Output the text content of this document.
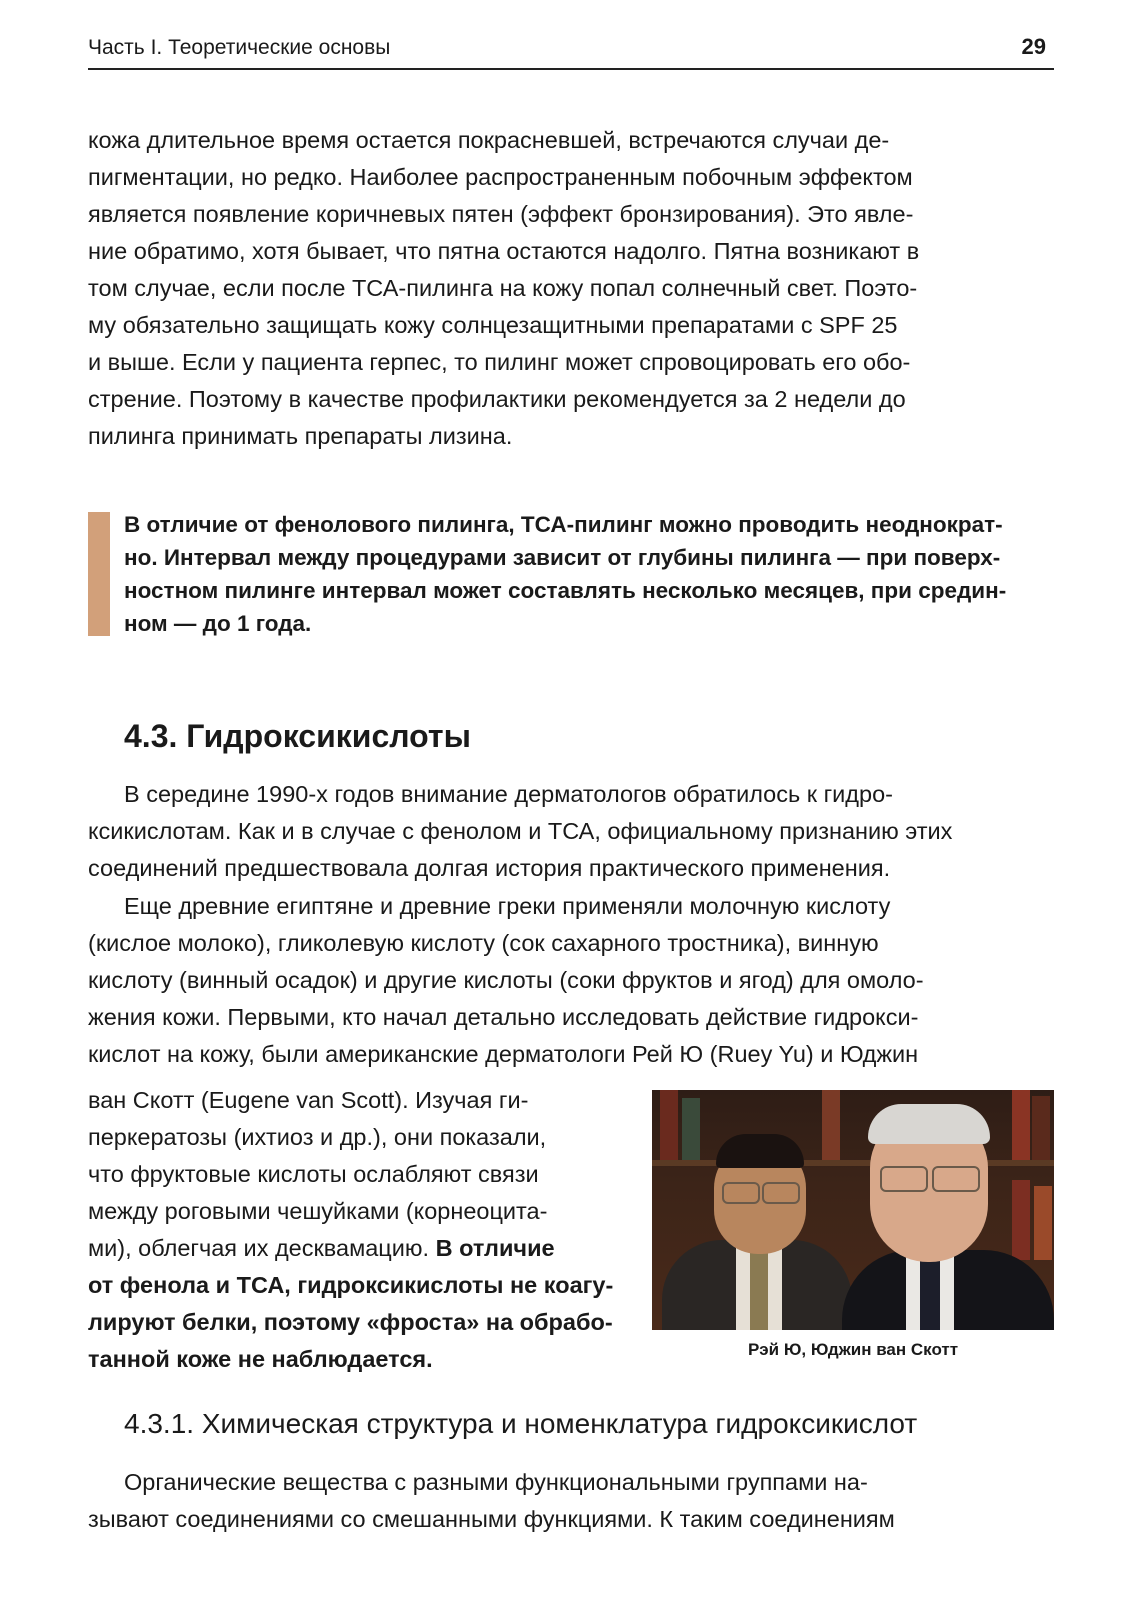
Часть I. Теоретические основы	29
кожа длительное время остается покрасневшей, встречаются случаи де-
пигментации, но редко. Наиболее распространенным побочным эффектом
является появление коричневых пятен (эффект бронзирования). Это явле-
ние обратимо, хотя бывает, что пятна остаются надолго. Пятна возникают в
том случае, если после ТСА-пилинга на кожу попал солнечный свет. Поэто-
му обязательно защищать кожу солнцезащитными препаратами с SPF 25
и выше. Если у пациента герпес, то пилинг может спровоцировать его обо-
стрение. Поэтому в качестве профилактики рекомендуется за 2 недели до
пилинга принимать препараты лизина.
В отличие от фенолового пилинга, ТСА-пилинг можно проводить неоднократ-
но. Интервал между процедурами зависит от глубины пилинга — при поверх-
ностном пилинге интервал может составлять несколько месяцев, при средин-
ном — до 1 года.
4.3. Гидроксикислоты
В середине 1990-х годов внимание дерматологов обратилось к гидро-
ксикислотам. Как и в случае с фенолом и ТСА, официальному признанию этих
соединений предшествовала долгая история практического применения.
Еще древние египтяне и древние греки применяли молочную кислоту
(кислое молоко), гликолевую кислоту (сок сахарного тростника), винную
кислоту (винный осадок) и другие кислоты (соки фруктов и ягод) для омоло-
жения кожи. Первыми, кто начал детально исследовать действие гидрокси-
кислот на кожу, были американские дерматологи Рей Ю (Ruey Yu) и Юджин
ван Скотт (Eugene van Scott). Изучая ги-
перкератозы (ихтиоз и др.), они показали,
что фруктовые кислоты ослабляют связи
между роговыми чешуйками (корнеоцита-
ми), облегчая их десквамацию. В отличие
от фенола и ТСА, гидроксикислоты не коагу-
лируют белки, поэтому «фроста» на обрабо-
танной коже не наблюдается.	Рэй Ю, Юджин ван Скотт
4.3.1. Химическая структура и номенклатура гидроксикислот
Органические вещества с разными функциональными группами на-
зывают соединениями со смешанными функциями. К таким соединениям
